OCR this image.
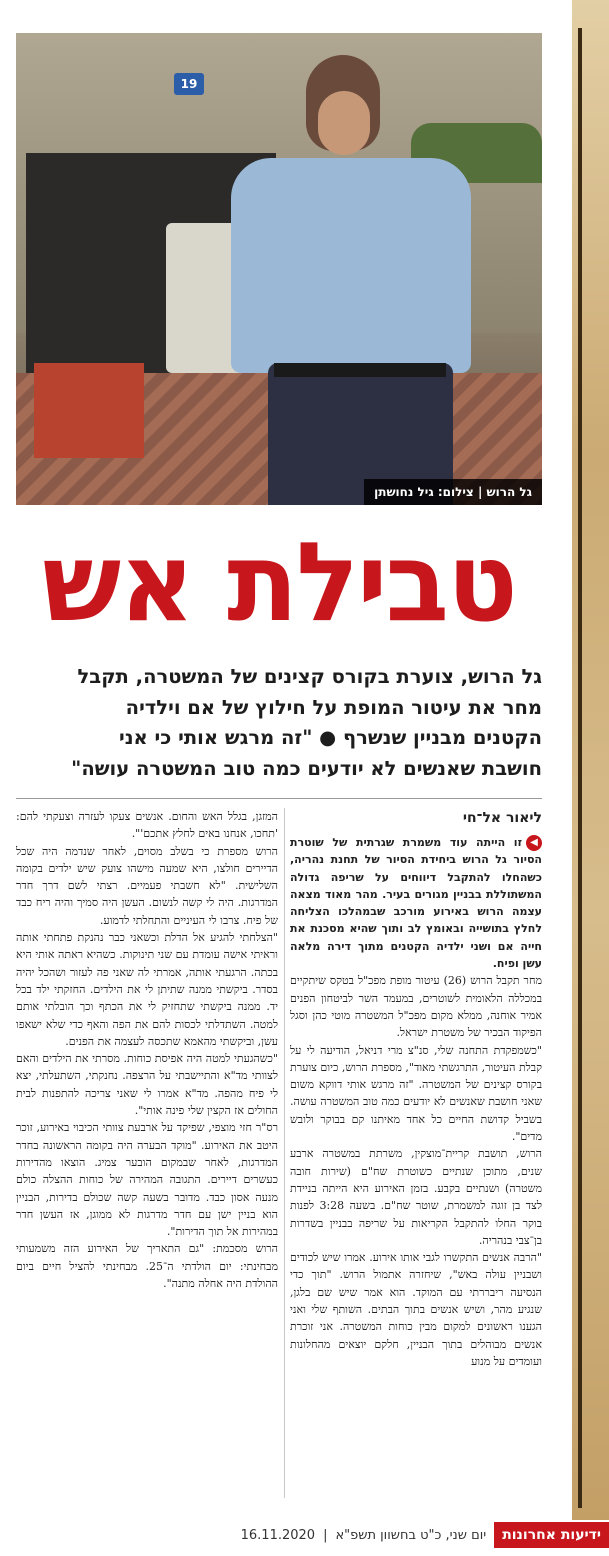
19
גל הרוש | צילום: גיל נחושתן
טבילת אש
גל הרוש, צוערת בקורס קצינים של המשטרה, תקבל
מחר את עיטור המופת על חילוץ של אם וילדיה
הקטנים מבניין שנשרף ● "זה מרגש אותי כי אני
חושבת שאנשים לא יודעים כמה טוב המשטרה עושה"
ליאור אל־חי

◀זו הייתה עוד משמרת שגרתית של שוטרת הסיור גל הרוש ביחידת הסיור של תחנת נהריה, כשהחלו להתקבל דיווחים על שריפה גדולה המשתוללת בבניין מגורים בעיר. מהר מאוד מצאה עצמה הרוש באירוע מורכב שבמהלכו הצליחה לחלץ בתושייה ובאומץ לב ותוך שהיא מסכנת את חייה אם ושני ילדיה הקטנים מתוך דירה מלאה עשן ופיח.

מחר תקבל הרוש (26) עיטור מופת מפכ"ל בטקס שיתקיים במכללה הלאומית לשוטרים, במעמד השר לביטחון הפנים אמיר אוחנה, ממלא מקום מפכ"ל המשטרה מוטי כהן וסגל הפיקוד הבכיר של משטרת ישראל.

"כשמפקדת התחנה שלי, סנ"צ מרי דניאל, הודיעה לי על קבלת העיטור, התרגשתי מאוד", מספרת הרוש, כיום צוערת בקורס קצינים של המשטרה. "זה מרגש אותי דווקא משום שאני חושבת שאנשים לא יודעים כמה טוב המשטרה עושה. בשביל קדושת החיים כל אחד מאיתנו קם בבוקר ולובש מדים".

הרוש, תושבת קריית־מוצקין, משרתת במשטרה ארבע שנים, מתוכן שנתיים כשוטרת שח"ם (שירות חובה משטרה) ושנתיים בקבע. בזמן האירוע היא הייתה בניידת לצד בן זוגה למשמרת, שוטר שח"ם. בשעה 3:28 לפנות בוקר החלו להתקבל הקריאות על שריפה בבניין בשדרות בן־צבי בנהריה.

"הרבה אנשים התקשרו לגבי אותו אירוע. אמרו שיש לכודים ושבניין עולה באש", שיחזרה אתמול הרוש. "תוך כדי הנסיעה ריבררתי עם המוקד. הוא אמר שיש שם בלגן, שנגיע מהר, ושיש אנשים בתוך הבתים. השותף שלי ואני הגענו ראשונים למקום מבין כוחות המשטרה. אני זוכרת אנשים מבוהלים בתוך הבניין, חלקם יוצאים מהחלונות ועומדים על מנוע

המזגן, בגלל האש והחום. אנשים צעקו לעזרה וצעקתי להם: 'תחכו, אנחנו באים לחלץ אתכם'".

הרוש מספרת כי בשלב מסוים, לאחר שנדמה היה שכל הדיירים חולצו, היא שמעה מישהו צועק שיש ילדים בקומה השלישית. "לא חשבתי פעמיים. רצתי לשם דרך חדר המדרגות. היה לי קשה לנשום. העשן היה סמיך והיה ריח כבד של פיח. צרבו לי העיניים והתחלתי לדמוע.

"הצלחתי להגיע אל הדלת וכשאני כבר נהנקת פתחתי אותה וראיתי אישה עומדת עם שני תינוקות. כשהיא ראתה אותי היא בכתה. הרגעתי אותה, אמרתי לה שאני פה לעזור ושהכל יהיה בסדר. ביקשתי ממנה שתיתן לי את הילדים. החזקתי ילד בכל יד. ממנה ביקשתי שתחזיק לי את הכתף וכך הובלתי אותם למטה. השתדלתי לכסות להם את הפה והאף כדי שלא ישאפו עשן, וביקשתי מהאמא שתכסה לעצמה את הפנים.

"כשהגעתי למטה היה אפיסת כוחות. מסרתי את הילדים והאם לצוותי מד"א והתיישבתי על הרצפה. נחנקתי, השתעלתי, יצא לי פיח מהפה. מד"א אמרו לי שאני צריכה להתפנות לבית החולים אז הקצין שלי פינה אותי".

רס"ר חזי מוצפי, שפיקד על ארבעת צוותי הכיבוי באירוע, זוכר היטב את האירוע. "מוקד הבערה היה בקומה הראשונה בחדר המדרגות, לאחר שבמקום הובער צמיג. הוצאו מהדירות כעשרים דיירים. התגובה המהירה של כוחות ההצלה כולם מנעה אסון כבד. מדובר בשעה קשה שכולם בדירות, הבניין הוא בניין ישן עם חדר מדרגות לא ממוגן, אז העשן חדר במהירות אל תוך הדירות".

הרוש מסכמת: "גם התאריך של האירוע הזה משמעותי מבחינתי: יום הולדתי ה־25. מבחינתי להציל חיים ביום ההולדת היה אחלה מתנה".

ידיעות אחרונות
יום שני, כ"ט בחשוון תשפ"א
|
16.11.2020
